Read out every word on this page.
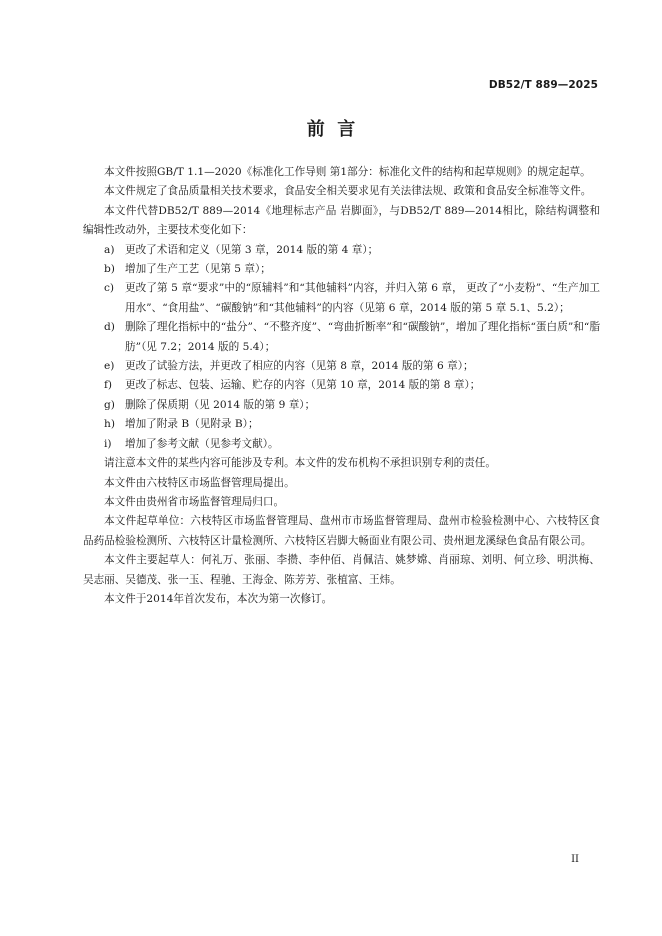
DB52/T 889—2025
前  言

本文件按照GB/T 1.1—2020《标准化工作导则 第1部分：标准化文件的结构和起草规则》的规定起草。

本文件规定了食品质量相关技术要求，食品安全相关要求见有关法律法规、政策和食品安全标准等文件。

本文件代替DB52/T 889—2014《地理标志产品 岩脚面》，与DB52/T 889—2014相比，除结构调整和编辑性改动外，主要技术变化如下：

a) 更改了术语和定义（见第 3 章，2014 版的第 4 章）；
b) 增加了生产工艺（见第 5 章）；
c)	更改了第 5 章“要求”中的“原辅料”和“其他辅料”内容，并归入第 6 章， 更改了“小麦粉”、“生产加工用水”、“食用盐”、“碳酸钠”和“其他辅料”的内容（见第 6 章，2014 版的第 5 章 5.1、5.2）；
d) 删除了理化指标中的“盐分”、“不整齐度”、“弯曲折断率”和“碳酸钠”，增加了理化指标“蛋白质”和“脂肪”（见 7.2；2014 版的 5.4）；
e) 更改了试验方法，并更改了相应的内容（见第 8 章，2014 版的第 6 章）；
f)	更改了标志、包装、运输、贮存的内容（见第 10 章，2014 版的第 8 章）；
g) 删除了保质期（见 2014 版的第 9 章）；
h) 增加了附录 B（见附录 B）；
i)	增加了参考文献（见参考文献）。

请注意本文件的某些内容可能涉及专利。本文件的发布机构不承担识别专利的责任。

本文件由六枝特区市场监督管理局提出。

本文件由贵州省市场监督管理局归口。

本文件起草单位：六枝特区市场监督管理局、盘州市市场监督管理局、盘州市检验检测中心、六枝特区食品药品检验检测所、六枝特区计量检测所、六枝特区岩脚大畅面业有限公司、贵州迴龙溪绿色食品有限公司。

本文件主要起草人：何礼万、张丽、李攒、李仲佰、肖佩洁、姚梦嫦、肖丽琼、刘明、何立珍、明洪梅、吴志丽、吴德茂、张一玉、程驰、王海金、陈芳芳、张植富、王炜。

本文件于2014年首次发布，本次为第一次修订。

II
